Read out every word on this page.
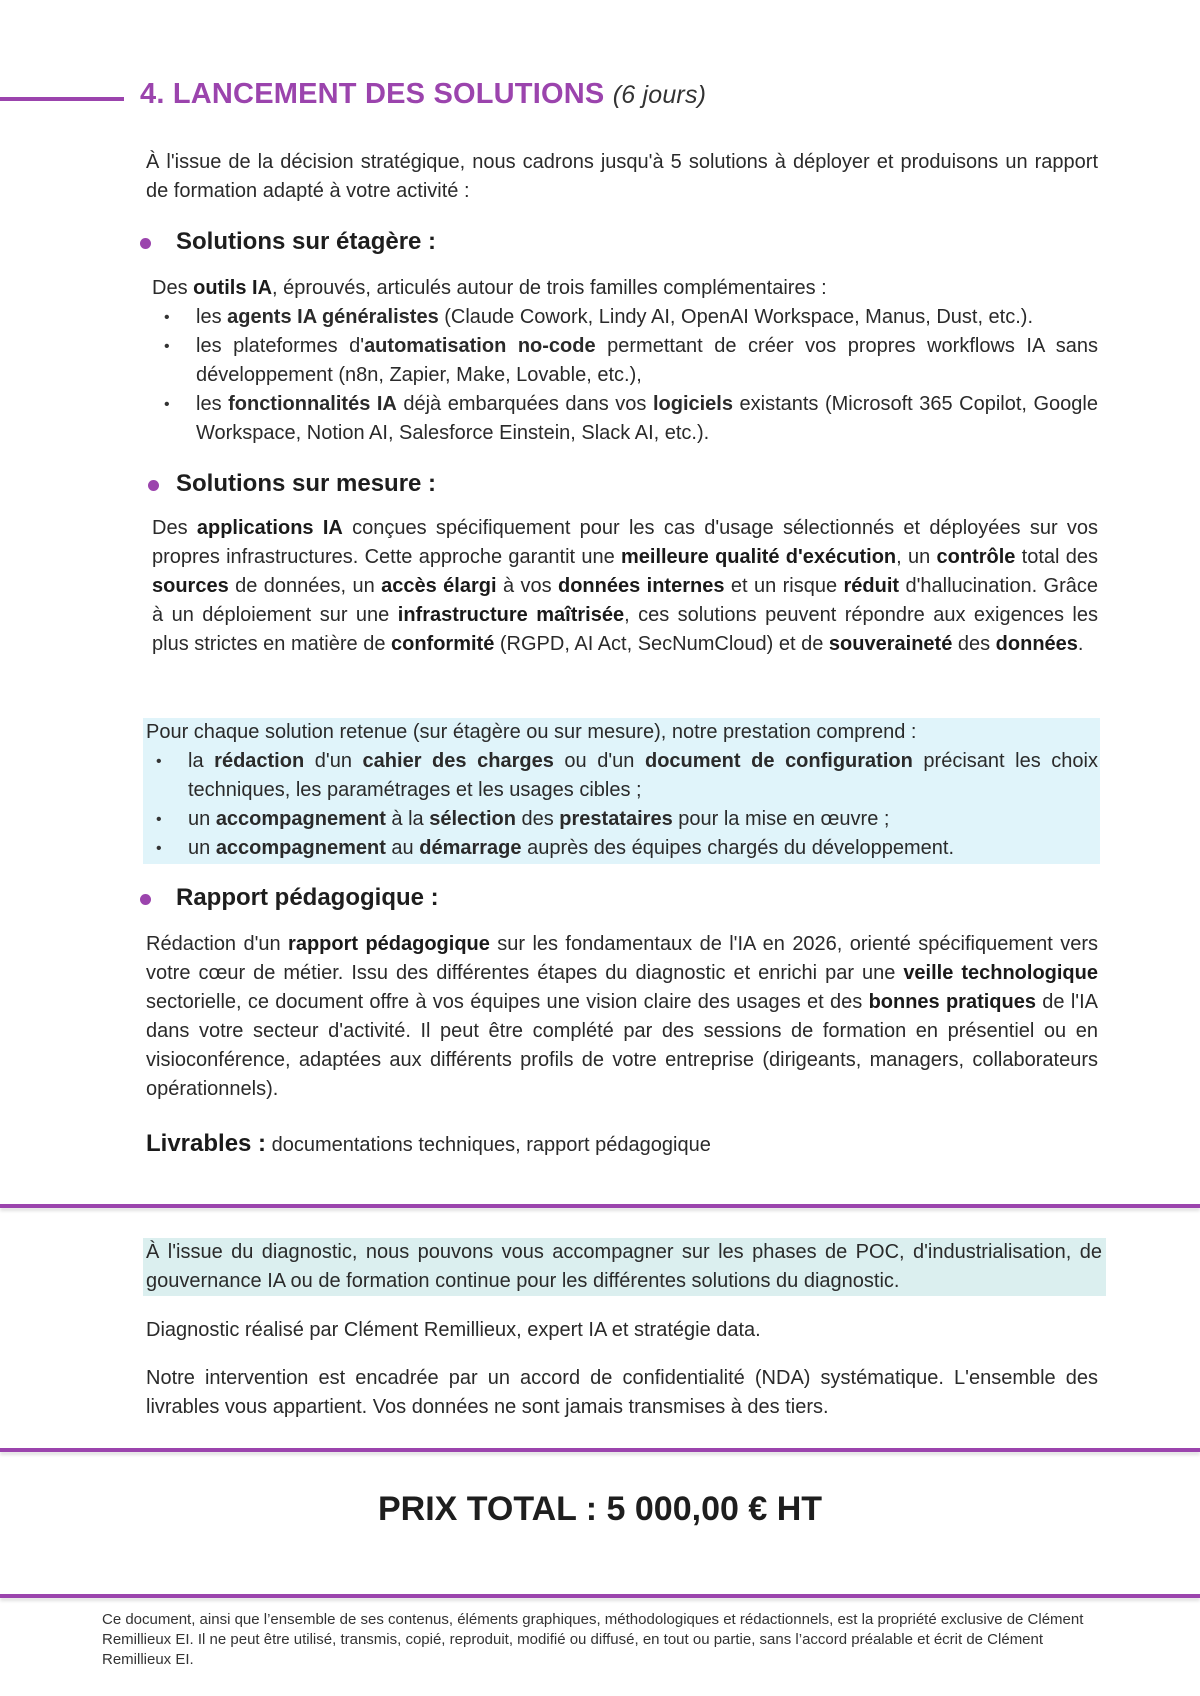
4. LANCEMENT DES SOLUTIONS (6 jours)
À l'issue de la décision stratégique, nous cadrons jusqu'à 5 solutions à déployer et produisons un rapport de formation adapté à votre activité :
Solutions sur étagère :
Des outils IA, éprouvés, articulés autour de trois familles complémentaires :
• les agents IA généralistes (Claude Cowork, Lindy AI, OpenAI Workspace, Manus, Dust, etc.).
• les plateformes d'automatisation no-code permettant de créer vos propres workflows IA sans développement (n8n, Zapier, Make, Lovable, etc.),
• les fonctionnalités IA déjà embarquées dans vos logiciels existants (Microsoft 365 Copilot, Google Workspace, Notion AI, Salesforce Einstein, Slack AI, etc.).
Solutions sur mesure :
Des applications IA conçues spécifiquement pour les cas d'usage sélectionnés et déployées sur vos propres infrastructures. Cette approche garantit une meilleure qualité d'exécution, un contrôle total des sources de données, un accès élargi à vos données internes et un risque réduit d'hallucination. Grâce à un déploiement sur une infrastructure maîtrisée, ces solutions peuvent répondre aux exigences les plus strictes en matière de conformité (RGPD, AI Act, SecNumCloud) et de souveraineté des données.
Pour chaque solution retenue (sur étagère ou sur mesure), notre prestation comprend :
• la rédaction d'un cahier des charges ou d'un document de configuration précisant les choix techniques, les paramétrages et les usages cibles ;
• un accompagnement à la sélection des prestataires pour la mise en œuvre ;
• un accompagnement au démarrage auprès des équipes chargés du développement.
Rapport pédagogique :
Rédaction d'un rapport pédagogique sur les fondamentaux de l'IA en 2026, orienté spécifiquement vers votre cœur de métier. Issu des différentes étapes du diagnostic et enrichi par une veille technologique sectorielle, ce document offre à vos équipes une vision claire des usages et des bonnes pratiques de l'IA dans votre secteur d'activité. Il peut être complété par des sessions de formation en présentiel ou en visioconférence, adaptées aux différents profils de votre entreprise (dirigeants, managers, collaborateurs opérationnels).
Livrables : documentations techniques, rapport pédagogique
À l'issue du diagnostic, nous pouvons vous accompagner sur les phases de POC, d'industrialisation, de gouvernance IA ou de formation continue pour les différentes solutions du diagnostic.
Diagnostic réalisé par Clément Remillieux, expert IA et stratégie data.
Notre intervention est encadrée par un accord de confidentialité (NDA) systématique. L'ensemble des livrables vous appartient. Vos données ne sont jamais transmises à des tiers.
PRIX TOTAL : 5 000,00 € HT
Ce document, ainsi que l’ensemble de ses contenus, éléments graphiques, méthodologiques et rédactionnels, est la propriété exclusive de Clément Remillieux EI. Il ne peut être utilisé, transmis, copié, reproduit, modifié ou diffusé, en tout ou partie, sans l’accord préalable et écrit de Clément Remillieux EI.
